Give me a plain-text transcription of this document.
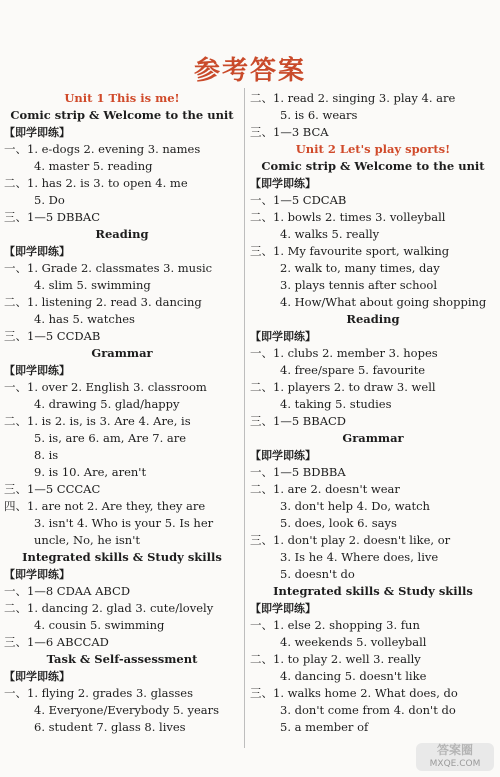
参考答案
Unit 1 This is me!
Comic strip & Welcome to the unit
【即学即练】
一、1. e-dogs 2. evening 3. names
4. master 5. reading
二、1. has 2. is 3. to open 4. me
5. Do
三、1—5 DBBAC
Reading
【即学即练】
一、1. Grade 2. classmates 3. music
4. slim 5. swimming
二、1. listening 2. read 3. dancing
4. has 5. watches
三、1—5 CCDAB
Grammar
【即学即练】
一、1. over 2. English 3. classroom
4. drawing 5. glad/happy
二、1. is 2. is, is 3. Are 4. Are, is
5. is, are 6. am, Are 7. are
8. is
9. is 10. Are, aren't
三、1—5 CCCAC
四、1. are not 2. Are they, they are
3. isn't 4. Who is your 5. Is her
uncle, No, he isn't
Integrated skills & Study skills
【即学即练】
一、1—8 CDAA ABCD
二、1. dancing 2. glad 3. cute/lovely
4. cousin 5. swimming
三、1—6 ABCCAD
Task & Self-assessment
【即学即练】
一、1. flying 2. grades 3. glasses
4. Everyone/Everybody 5. years
6. student 7. glass 8. lives
二、1. read 2. singing 3. play 4. are
5. is 6. wears
三、1—3 BCA
Unit 2 Let's play sports!
Comic strip & Welcome to the unit
【即学即练】
一、1—5 CDCAB
二、1. bowls 2. times 3. volleyball
4. walks 5. really
三、1. My favourite sport, walking
2. walk to, many times, day
3. plays tennis after school
4. How/What about going shopping
Reading
【即学即练】
一、1. clubs 2. member 3. hopes
4. free/spare 5. favourite
二、1. players 2. to draw 3. well
4. taking 5. studies
三、1—5 BBACD
Grammar
【即学即练】
一、1—5 BDBBA
二、1. are 2. doesn't wear
3. don't help 4. Do, watch
5. does, look 6. says
三、1. don't play 2. doesn't like, or
3. Is he 4. Where does, live
5. doesn't do
Integrated skills & Study skills
【即学即练】
一、1. else 2. shopping 3. fun
4. weekends 5. volleyball
二、1. to play 2. well 3. really
4. dancing 5. doesn't like
三、1. walks home 2. What does, do
3. don't come from 4. don't do
5. a member of
答案圈
MXQE.COM
